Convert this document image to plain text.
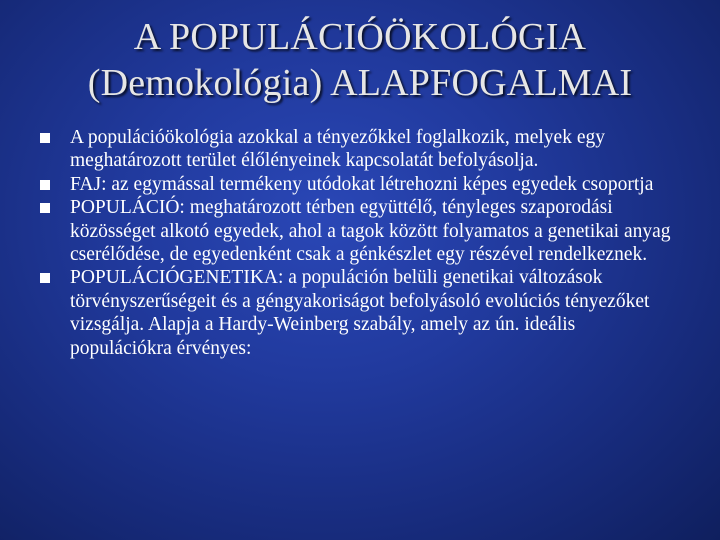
A POPULÁCIÓÖKOLÓGIA
(Demokológia) ALAPFOGALMAI
A populációökológia azokkal a tényezőkkel foglalkozik, melyek egy meghatározott terület élőlényeinek kapcsolatát befolyásolja.
FAJ: az egymással termékeny utódokat létrehozni képes egyedek csoportja
POPULÁCIÓ: meghatározott térben együttélő, tényleges szaporodási közösséget alkotó egyedek, ahol a tagok között folyamatos a genetikai anyag cserélődése, de egyedenként csak a génkészlet egy részével rendelkeznek.
POPULÁCIÓGENETIKA: a populáción belüli genetikai változások törvényszerűségeit és a géngyakoriságot befolyásoló evolúciós tényezőket vizsgálja. Alapja a Hardy-Weinberg szabály, amely az ún. ideális populációkra érvényes:
